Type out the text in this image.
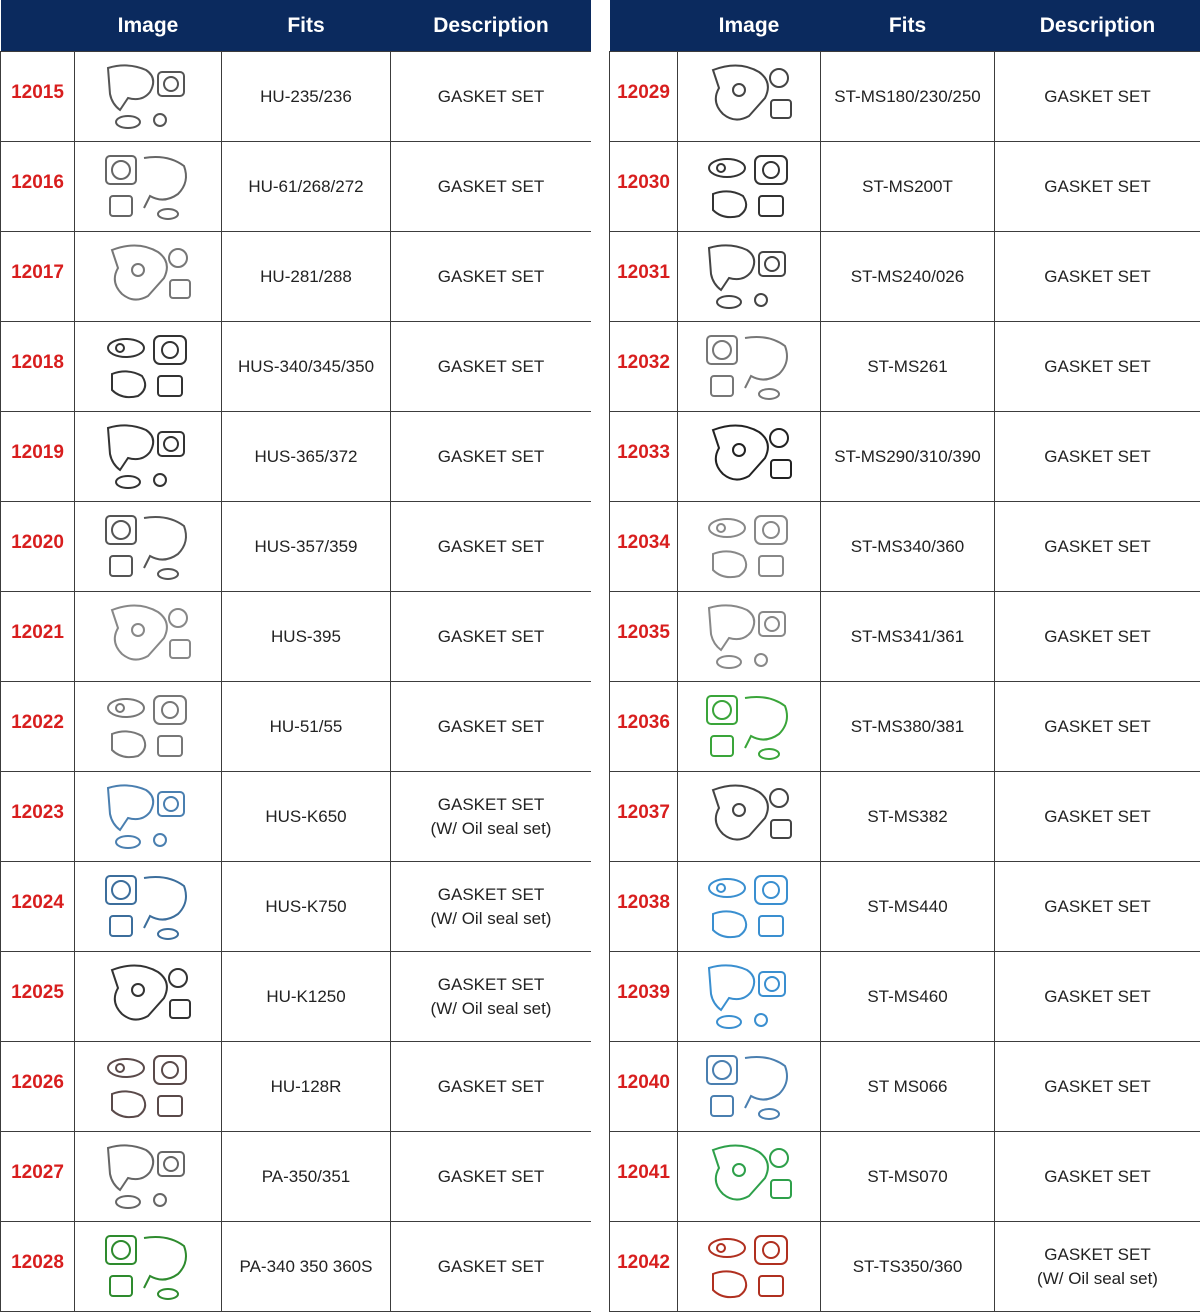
	Image	Fits	Description
12015		HU-235/236	GASKET SET

12016		HU-61/268/272	GASKET SET

12017		HU-281/288	GASKET SET

12018		HUS-340/345/350	GASKET SET

12019		HUS-365/372	GASKET SET

12020		HUS-357/359	GASKET SET

12021		HUS-395	GASKET SET

12022		HU-51/55	GASKET SET

12023		HUS-K650	GASKET SET
(W/ Oil seal set)

12024		HUS-K750	GASKET SET
(W/ Oil seal set)

12025		HU-K1250	GASKET SET
(W/ Oil seal set)

12026		HU-128R	GASKET SET

12027		PA-350/351	GASKET SET

12028		PA-340 350 360S	GASKET SET
	Image	Fits	Description
12029		ST-MS180/230/250	GASKET SET

12030		ST-MS200T	GASKET SET

12031		ST-MS240/026	GASKET SET

12032		ST-MS261	GASKET SET

12033		ST-MS290/310/390	GASKET SET

12034		ST-MS340/360	GASKET SET

12035		ST-MS341/361	GASKET SET

12036		ST-MS380/381	GASKET SET

12037		ST-MS382	GASKET SET

12038		ST-MS440	GASKET SET

12039		ST-MS460	GASKET SET

12040		ST MS066	GASKET SET

12041		ST-MS070	GASKET SET

12042		ST-TS350/360	GASKET SET
(W/ Oil seal set)
